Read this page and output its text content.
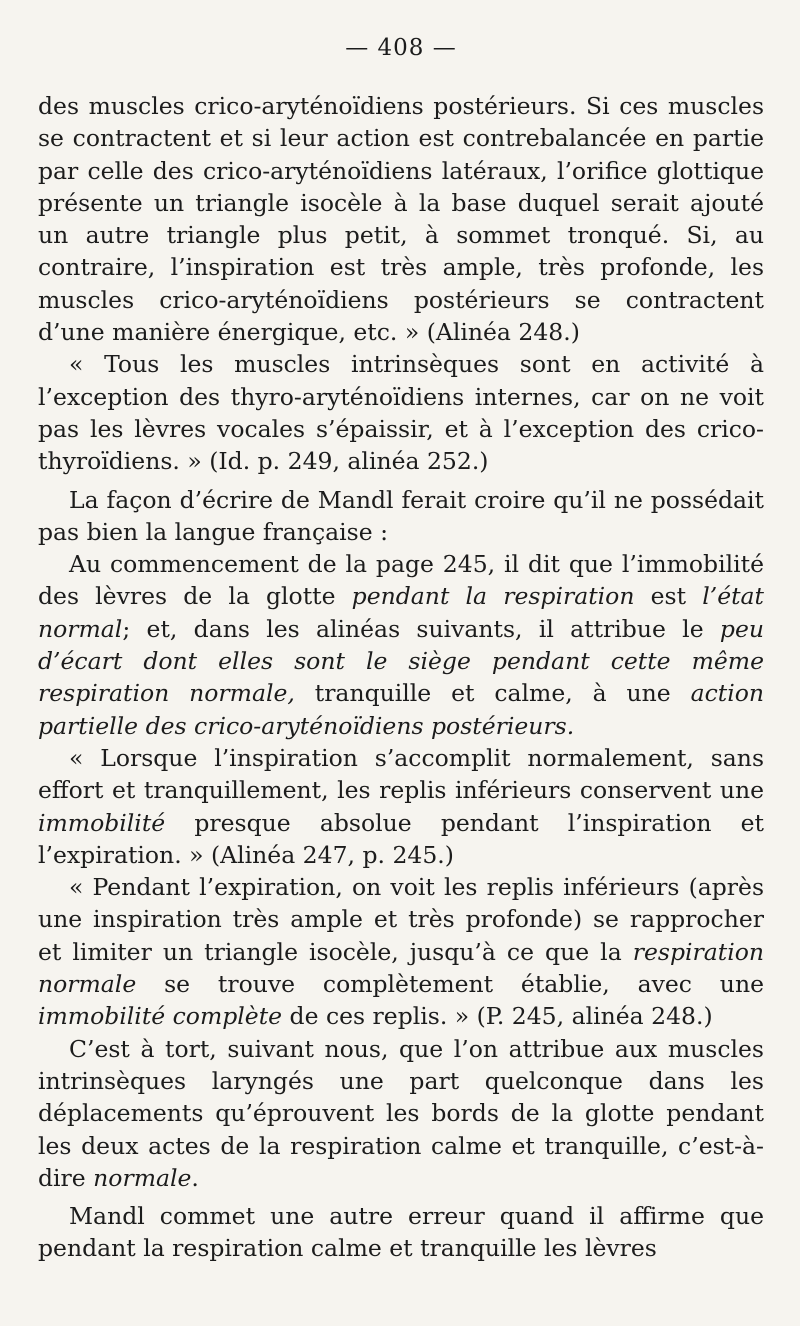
— 408 —

des muscles crico-aryténoïdiens postérieurs. Si ces muscles se contractent et si leur action est contrebalancée en partie par celle des crico-aryténoïdiens latéraux, l’orifice glottique présente un triangle isocèle à la base duquel serait ajouté un autre triangle plus petit, à sommet tronqué. Si, au contraire, l’inspiration est très ample, très profonde, les muscles crico-aryténoïdiens postérieurs se contractent d’une manière énergique, etc. » (Alinéa 248.)

« Tous les muscles intrinsèques sont en activité à l’exception des thyro-aryténoïdiens internes, car on ne voit pas les lèvres vocales s’épaissir, et à l’exception des crico-thyroïdiens. » (Id. p. 249, alinéa 252.)

La façon d’écrire de Mandl ferait croire qu’il ne possédait pas bien la langue française :

Au commencement de la page 245, il dit que l’immobilité des lèvres de la glotte pendant la respiration est l’état normal; et, dans les alinéas suivants, il attribue le peu d’écart dont elles sont le siège pendant cette même respiration normale, tranquille et calme, à une action partielle des crico-aryténoïdiens postérieurs.

« Lorsque l’inspiration s’accomplit normalement, sans effort et tranquillement, les replis inférieurs conservent une immobilité presque absolue pendant l’inspiration et l’expiration. » (Alinéa 247, p. 245.)

« Pendant l’expiration, on voit les replis inférieurs (après une inspiration très ample et très profonde) se rapprocher et limiter un triangle isocèle, jusqu’à ce que la respiration normale se trouve complètement établie, avec une immobilité complète de ces replis. » (P. 245, alinéa 248.)

C’est à tort, suivant nous, que l’on attribue aux muscles intrinsèques laryngés une part quelconque dans les déplacements qu’éprouvent les bords de la glotte pendant les deux actes de la respiration calme et tranquille, c’est-à-dire normale.

Mandl commet une autre erreur quand il affirme que pendant la respiration calme et tranquille les lèvres
